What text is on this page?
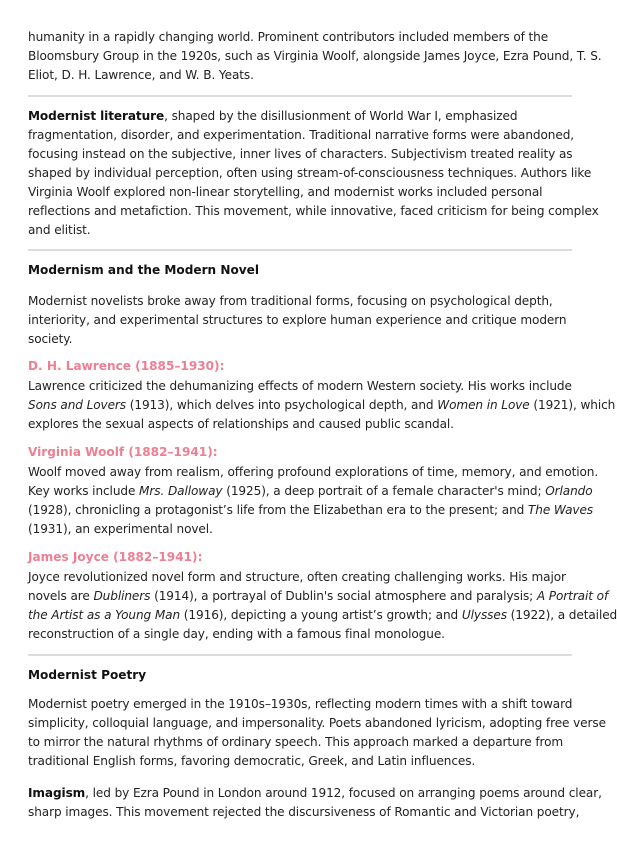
humanity in a rapidly changing world. Prominent contributors included members of the
Bloomsbury Group in the 1920s, such as Virginia Woolf, alongside James Joyce, Ezra Pound, T. S.
Eliot, D. H. Lawrence, and W. B. Yeats.

Modernist literature, shaped by the disillusionment of World War I, emphasized
fragmentation, disorder, and experimentation. Traditional narrative forms were abandoned,
focusing instead on the subjective, inner lives of characters. Subjectivism treated reality as
shaped by individual perception, often using stream-of-consciousness techniques. Authors like
Virginia Woolf explored non-linear storytelling, and modernist works included personal
reflections and metafiction. This movement, while innovative, faced criticism for being complex
and elitist.

Modernism and the Modern Novel

Modernist novelists broke away from traditional forms, focusing on psychological depth,
interiority, and experimental structures to explore human experience and critique modern
society.

D. H. Lawrence (1885–1930):

Lawrence criticized the dehumanizing effects of modern Western society. His works include
Sons and Lovers (1913), which delves into psychological depth, and Women in Love (1921), which
explores the sexual aspects of relationships and caused public scandal.

Virginia Woolf (1882–1941):

Woolf moved away from realism, offering profound explorations of time, memory, and emotion.
Key works include Mrs. Dalloway (1925), a deep portrait of a female character's mind; Orlando
(1928), chronicling a protagonist’s life from the Elizabethan era to the present; and The Waves
(1931), an experimental novel.

James Joyce (1882–1941):

Joyce revolutionized novel form and structure, often creating challenging works. His major
novels are Dubliners (1914), a portrayal of Dublin's social atmosphere and paralysis; A Portrait of
the Artist as a Young Man (1916), depicting a young artist’s growth; and Ulysses (1922), a detailed
reconstruction of a single day, ending with a famous final monologue.

Modernist Poetry

Modernist poetry emerged in the 1910s–1930s, reflecting modern times with a shift toward
simplicity, colloquial language, and impersonality. Poets abandoned lyricism, adopting free verse
to mirror the natural rhythms of ordinary speech. This approach marked a departure from
traditional English forms, favoring democratic, Greek, and Latin influences.

Imagism, led by Ezra Pound in London around 1912, focused on arranging poems around clear,
sharp images. This movement rejected the discursiveness of Romantic and Victorian poetry,
